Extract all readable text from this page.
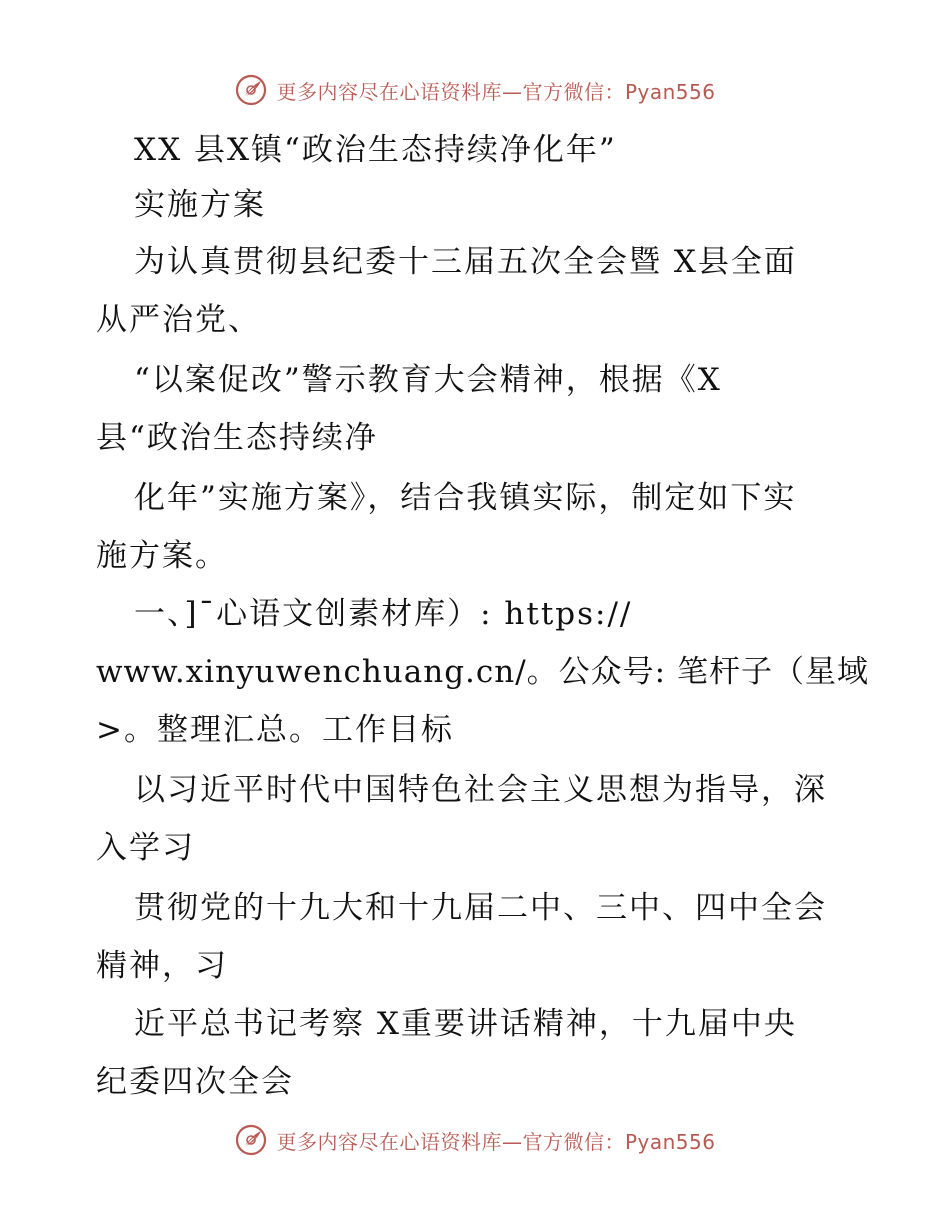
更多内容尽在心语资料库—官方微信：Pyan556
XX 县X镇“政治生态持续净化年”
实施方案
为认真贯彻县纪委十三届五次全会暨 X县全面
从严治党、
“以案促改”警示教育大会精神，根据《X
县“政治生态持续净
化年”实施方案》，结合我镇实际，制定如下实
施方案。
一、]¯心语文创素材库）: https://
www.xinyuwenchuang.cn/。公众号: 笔杆子（星域
>。整理汇总。工作目标
以习近平时代中国特色社会主义思想为指导，深
入学习
贯彻党的十九大和十九届二中、三中、四中全会
精神，习
近平总书记考察 X重要讲话精神，十九届中央
纪委四次全会
更多内容尽在心语资料库—官方微信：Pyan556
